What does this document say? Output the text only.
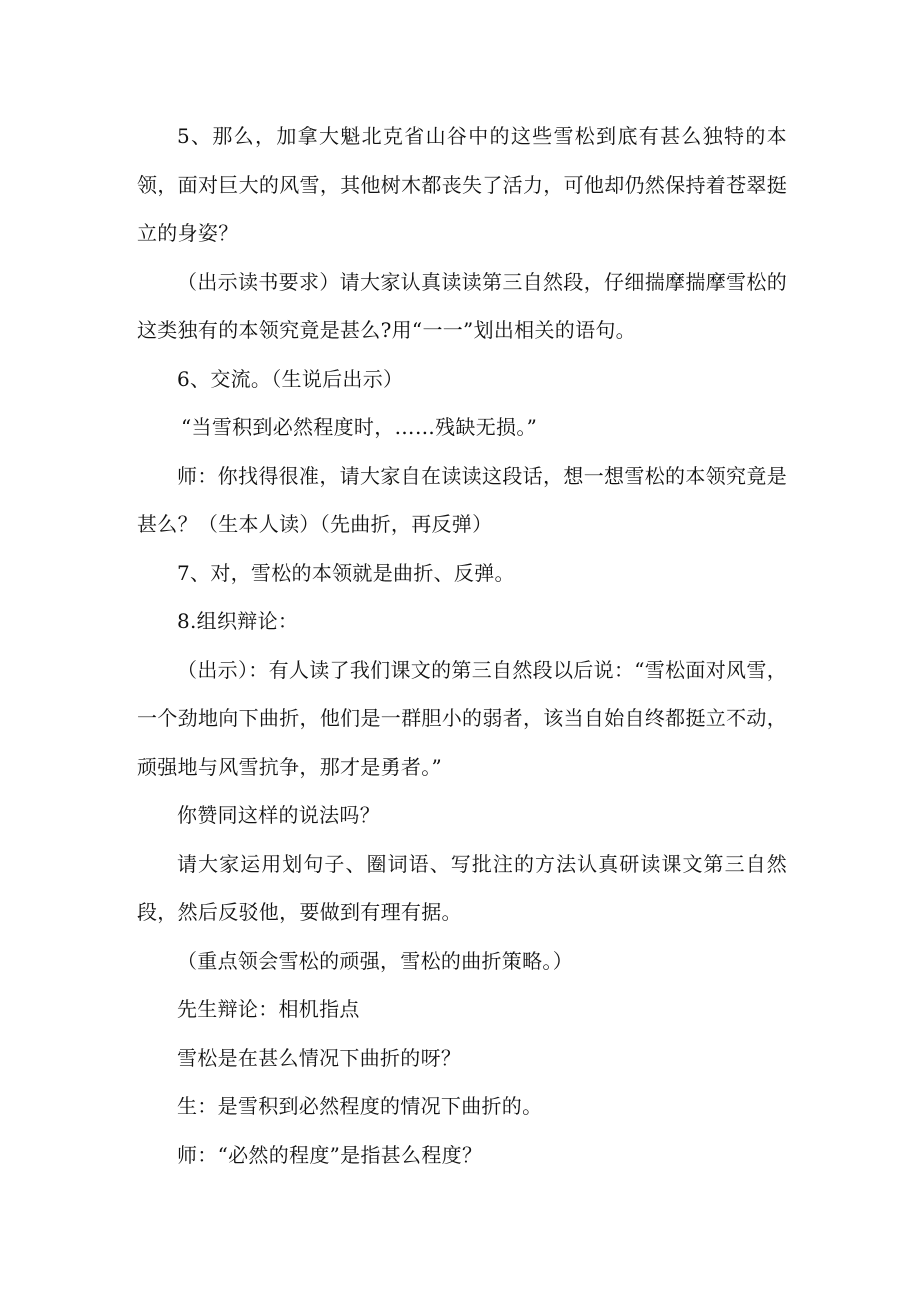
5、那么，加拿大魁北克省山谷中的这些雪松到底有甚么独特的本领，面对巨大的风雪，其他树木都丧失了活力，可他却仍然保持着苍翠挺立的身姿？

（出示读书要求）请大家认真读读第三自然段，仔细揣摩揣摩雪松的这类独有的本领究竟是甚么?用“一一”划出相关的语句。

6、交流。（生说后出示）

“当雪积到必然程度时，……残缺无损。”

师：你找得很准，请大家自在读读这段话，想一想雪松的本领究竟是甚么？（生本人读）（先曲折，再反弹）

7、对，雪松的本领就是曲折、反弹。

8.组织辩论：

（出示）：有人读了我们课文的第三自然段以后说：“雪松面对风雪，一个劲地向下曲折，他们是一群胆小的弱者，该当自始自终都挺立不动，顽强地与风雪抗争，那才是勇者。”

你赞同这样的说法吗？

请大家运用划句子、圈词语、写批注的方法认真研读课文第三自然段，然后反驳他，要做到有理有据。

（重点领会雪松的顽强，雪松的曲折策略。）

先生辩论：相机指点

雪松是在甚么情况下曲折的呀？

生：是雪积到必然程度的情况下曲折的。

师：“必然的程度”是指甚么程度？
